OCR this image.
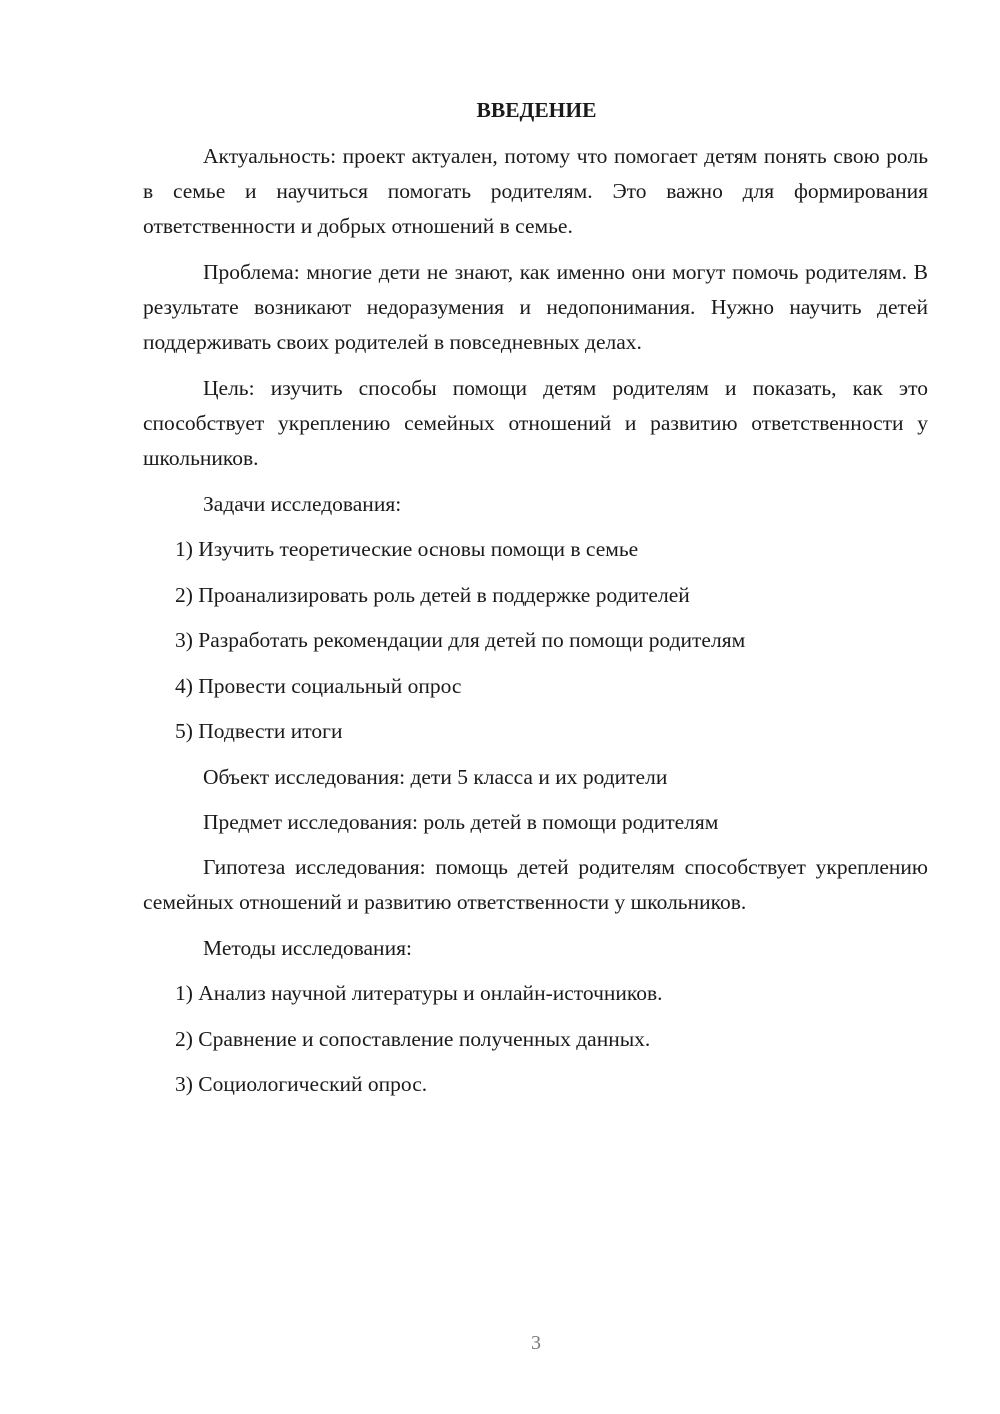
ВВЕДЕНИЕ

Актуальность: проект актуален, потому что помогает детям понять свою роль в семье и научиться помогать родителям. Это важно для формирования ответственности и добрых отношений в семье.

Проблема: многие дети не знают, как именно они могут помочь родителям. В результате возникают недоразумения и недопонимания. Нужно научить детей поддерживать своих родителей в повседневных делах.

Цель: изучить способы помощи детям родителям и показать, как это способствует укреплению семейных отношений и развитию ответственности у школьников.

Задачи исследования:

1) Изучить теоретические основы помощи в семье
2) Проанализировать роль детей в поддержке родителей
3) Разработать рекомендации для детей по помощи родителям
4) Провести социальный опрос
5) Подвести итоги

Объект исследования: дети 5 класса и их родители

Предмет исследования: роль детей в помощи родителям

Гипотеза исследования: помощь детей родителям способствует укреплению семейных отношений и развитию ответственности у школьников.

Методы исследования:

1) Анализ научной литературы и онлайн-источников.
2) Сравнение и сопоставление полученных данных.
3) Социологический опрос.
3
